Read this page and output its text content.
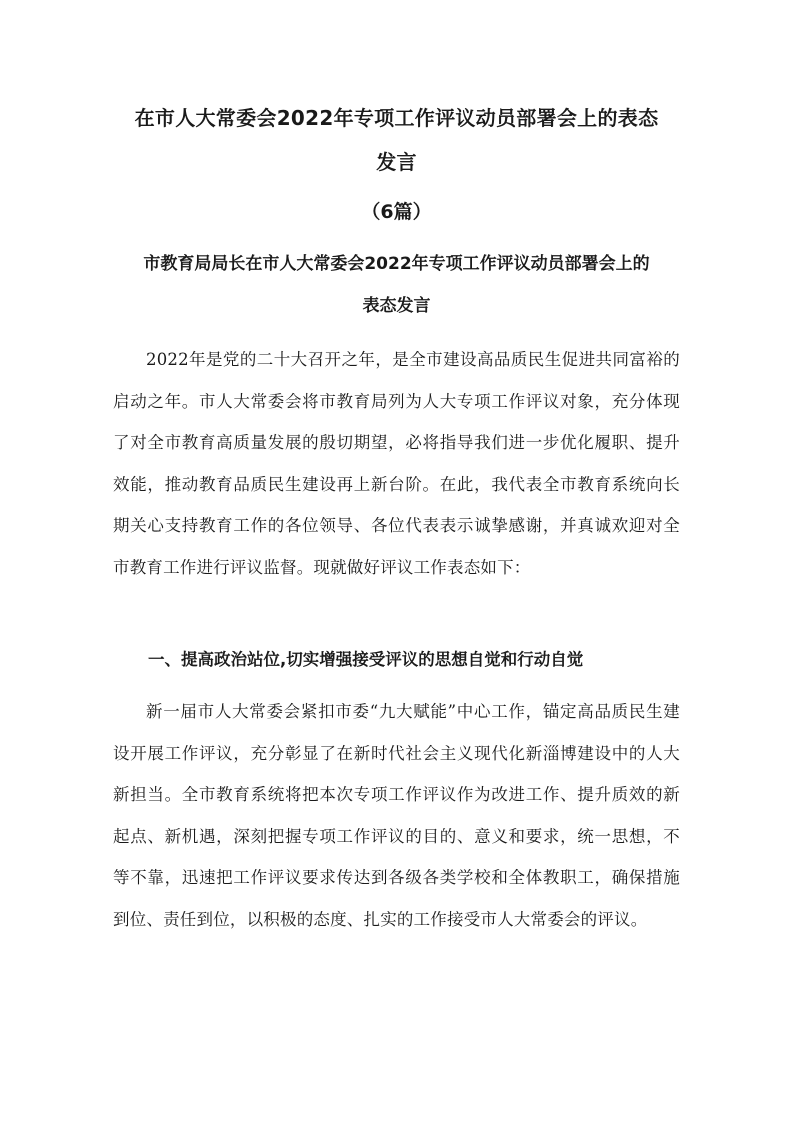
在市人大常委会2022年专项工作评议动员部署会上的表态
发言
（6篇）
市教育局局长在市人大常委会2022年专项工作评议动员部署会上的
表态发言

2022年是党的二十大召开之年，是全市建设高品质民生促进共同富裕的启动之年。市人大常委会将市教育局列为人大专项工作评议对象，充分体现了对全市教育高质量发展的殷切期望，必将指导我们进一步优化履职、提升效能，推动教育品质民生建设再上新台阶。在此，我代表全市教育系统向长期关心支持教育工作的各位领导、各位代表表示诚挚感谢，并真诚欢迎对全市教育工作进行评议监督。现就做好评议工作表态如下：

一、提高政治站位,切实增强接受评议的思想自觉和行动自觉

新一届市人大常委会紧扣市委“九大赋能”中心工作，锚定高品质民生建设开展工作评议，充分彰显了在新时代社会主义现代化新淄博建设中的人大新担当。全市教育系统将把本次专项工作评议作为改进工作、提升质效的新起点、新机遇，深刻把握专项工作评议的目的、意义和要求，统一思想，不等不靠，迅速把工作评议要求传达到各级各类学校和全体教职工，确保措施到位、责任到位，以积极的态度、扎实的工作接受市人大常委会的评议。
